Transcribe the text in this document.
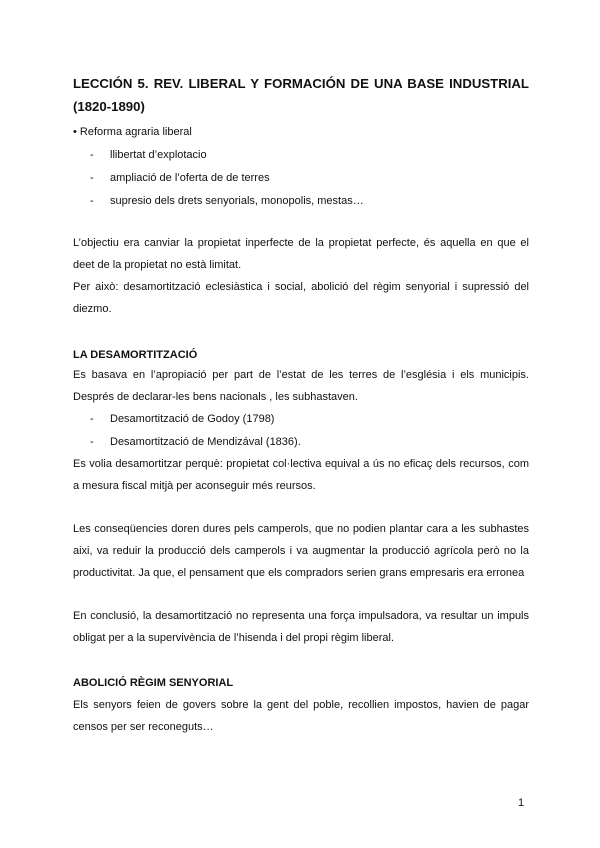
LECCIÓN 5. REV. LIBERAL Y FORMACIÓN DE UNA BASE INDUSTRIAL
(1820-1890)
• Reforma agraria liberal
- llibertat d’explotacio
- ampliació de l’oferta de de terres
- supresio dels drets senyorials, monopolis, mestas…

L’objectiu era canviar la propietat inperfecte de la propietat perfecte, és aquella en que el deet de la propietat no està limitat.

Per això: desamortització eclesiàstica i social, abolició del règim senyorial i supressió del diezmo.

LA DESAMORTITZACIÓ

Es basava en l’apropiació per part de l’estat de les terres de l’església i els municipis. Després de declarar-les bens nacionals , les subhastaven.

- Desamortització de Godoy (1798)
- Desamortització de Mendizával (1836).

Es volia desamortitzar perquè: propietat col·lectiva equival a ús no eficaç dels recursos, com a mesura fiscal mitjà per aconseguir més reursos.

Les conseqüencies doren dures pels camperols, que no podien plantar cara a les subhastes aixi, va reduir la producció dels camperols i va augmentar la producció agrícola però no la productivitat. Ja que, el pensament que els compradors serien grans empresaris era erronea

En conclusió, la desamortització no representa una força impulsadora, va resultar un impuls obligat per a la supervivència de l’hisenda i del propi règim liberal.

ABOLICIÓ RÈGIM SENYORIAL

Els senyors feien de govers sobre la gent del poble, recollien impostos, havien de pagar censos per ser reconeguts…

1
